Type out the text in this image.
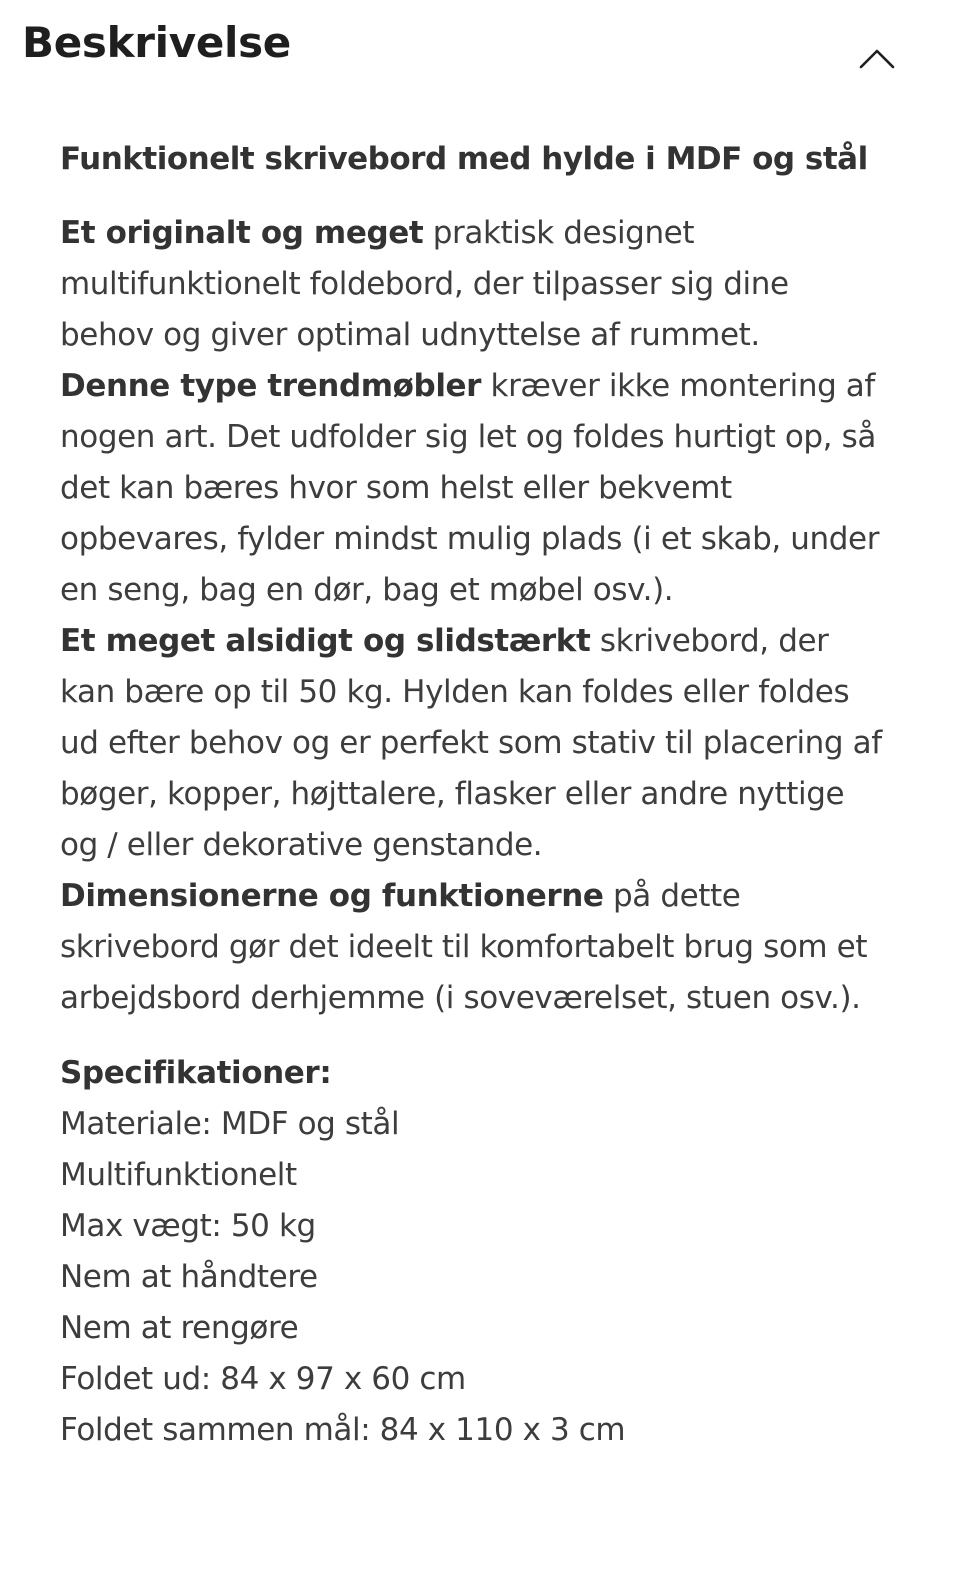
Beskrivelse
Funktionelt skrivebord med hylde i MDF og stål

Et originalt og meget praktisk designet multifunktionelt foldebord, der tilpasser sig dine behov og giver optimal udnyttelse af rummet.

Denne type trendmøbler kræver ikke montering af nogen art. Det udfolder sig let og foldes hurtigt op, så det kan bæres hvor som helst eller bekvemt opbevares, fylder mindst mulig plads (i et skab, under en seng, bag en dør, bag et møbel osv.).

Et meget alsidigt og slidstærkt skrivebord, der kan bære op til 50 kg. Hylden kan foldes eller foldes ud efter behov og er perfekt som stativ til placering af bøger, kopper, højttalere, flasker eller andre nyttige og / eller dekorative genstande.

Dimensionerne og funktionerne på dette skrivebord gør det ideelt til komfortabelt brug som et arbejdsbord derhjemme (i soveværelset, stuen osv.).

Specifikationer:

Materiale: MDF og stål
Multifunktionelt
Max vægt: 50 kg
Nem at håndtere
Nem at rengøre
Foldet ud: 84 x 97 x 60 cm
Foldet sammen mål: 84 x 110 x 3 cm
